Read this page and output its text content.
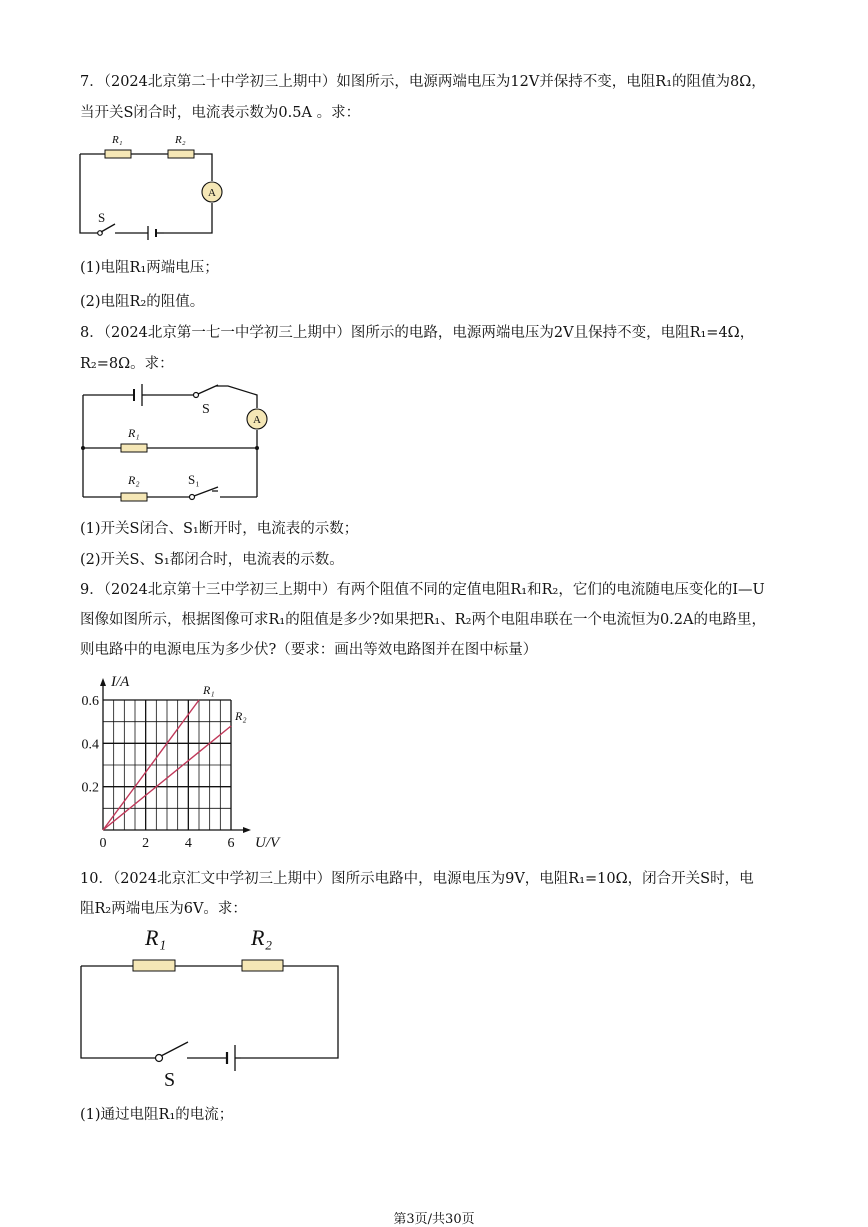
7．（2024北京第二十中学初三上期中）如图所示，电源两端电压为12V并保持不变，电阻R₁的阻值为8Ω，
当开关S闭合时，电流表示数为0.5A 。求：
A
R₁	R₂
S
(1)电阻R₁两端电压；
(2)电阻R₂的阻值。
8．（2024北京第一七一中学初三上期中）图所示的电路，电源两端电压为2V且保持不变，电阻R₁=4Ω，
R₂=8Ω。求：
A
S
R₁
R₂	S₁
(1)开关S闭合、S₁断开时，电流表的示数；
(2)开关S、S₁都闭合时，电流表的示数。
9．（2024北京第十三中学初三上期中）有两个阻值不同的定值电阻R₁和R₂，它们的电流随电压变化的I—U
图像如图所示，根据图像可求R₁的阻值是多少?如果把R₁、R₂两个电阻串联在一个电流恒为0.2A的电路里，
则电路中的电源电压为多少伏?（要求：画出等效电路图并在图中标量）
R₁
R₂
0	2	4	6
0.2
0.4
0.6
U/V
I/A
10．（2024北京汇文中学初三上期中）图所示电路中，电源电压为9V，电阻R₁=10Ω，闭合开关S时，电
阻R₂两端电压为6V。求：
R₁	R₂
S
(1)通过电阻R₁的电流；
第3页/共30页
